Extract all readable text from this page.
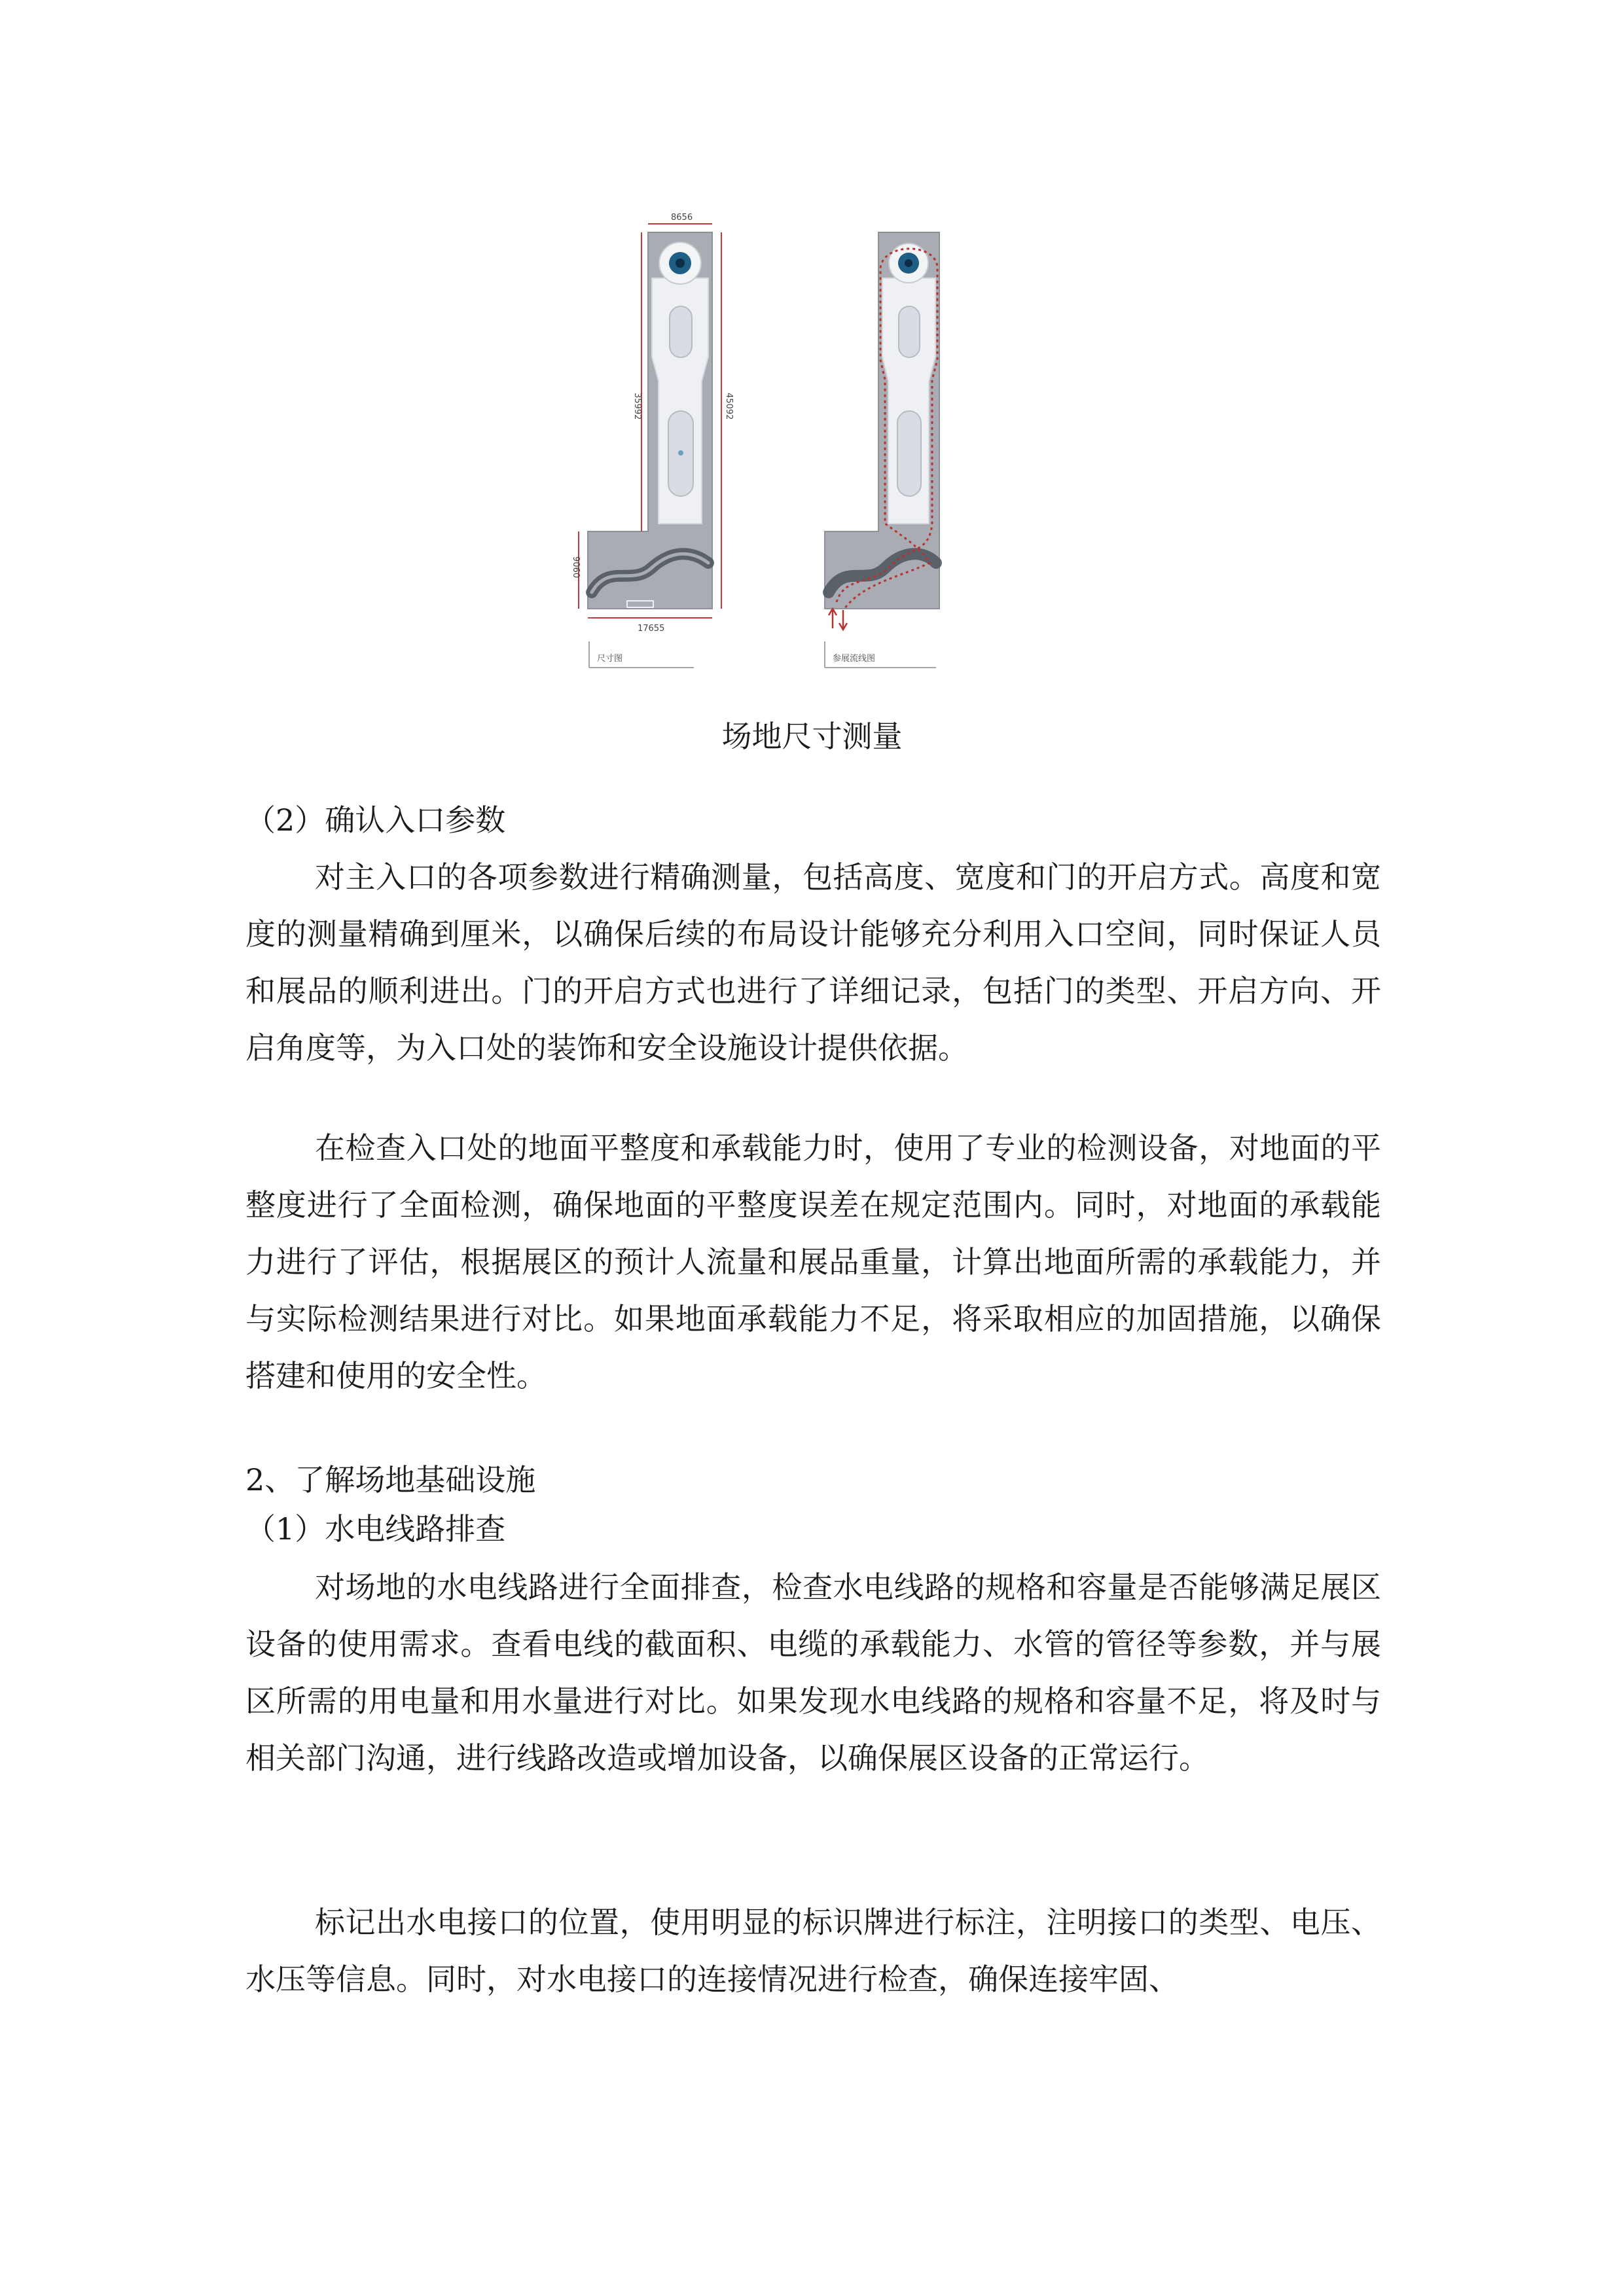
8656
35992	45092
9060
17655
尺寸图	参展流线图
场地尺寸测量
（2）确认入口参数

对主入口的各项参数进行精确测量，包括高度、宽度和门的开启方式。高度和宽度的测量精确到厘米，以确保后续的布局设计能够充分利用入口空间，同时保证人员和展品的顺利进出。门的开启方式也进行了详细记录，包括门的类型、开启方向、开启角度等，为入口处的装饰和安全设施设计提供依据。

在检查入口处的地面平整度和承载能力时，使用了专业的检测设备，对地面的平整度进行了全面检测，确保地面的平整度误差在规定范围内。同时，对地面的承载能力进行了评估，根据展区的预计人流量和展品重量，计算出地面所需的承载能力，并与实际检测结果进行对比。如果地面承载能力不足，将采取相应的加固措施，以确保搭建和使用的安全性。

2、了解场地基础设施
（1）水电线路排查

对场地的水电线路进行全面排查，检查水电线路的规格和容量是否能够满足展区设备的使用需求。查看电线的截面积、电缆的承载能力、水管的管径等参数，并与展区所需的用电量和用水量进行对比。如果发现水电线路的规格和容量不足，将及时与相关部门沟通，进行线路改造或增加设备，以确保展区设备的正常运行。

标记出水电接口的位置，使用明显的标识牌进行标注，注明接口的类型、电压、水压等信息。同时，对水电接口的连接情况进行检查，确保连接牢固、
